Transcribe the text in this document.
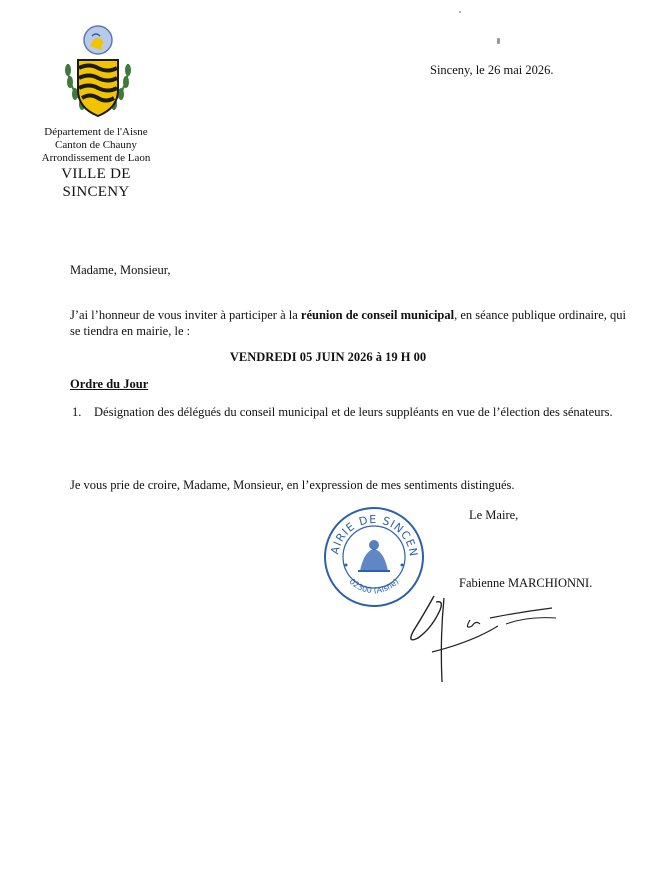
Département de l'Aisne
Canton de Chauny
Arrondissement de Laon
VILLE DE
SINCENY
Sinceny, le 26 mai 2026.
Madame, Monsieur,
J’ai l’honneur de vous inviter à participer à la réunion de conseil municipal, en séance publique ordinaire, qui se tiendra en mairie, le :
VENDREDI 05 JUIN 2026 à 19 H 00
Ordre du Jour
1. Désignation des délégués du conseil municipal et de leurs suppléants en vue de l’élection des sénateurs.
Je vous prie de croire, Madame, Monsieur, en l’expression de mes sentiments distingués.
AIRIE DE SINCEN
02300 (Aisne)
Le Maire,
Fabienne MARCHIONNI.
